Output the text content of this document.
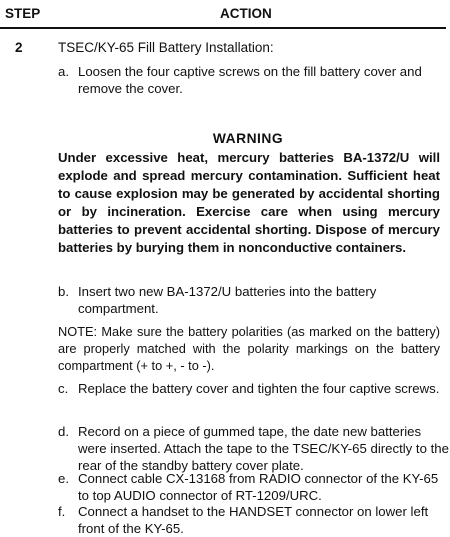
STEP	ACTION
2	TSEC/KY-65 Fill Battery Installation:
a. Loosen the four captive screws on the fill battery cover and remove the cover.
WARNING
Under excessive heat, mercury batteries BA-1372/U will explode and spread mercury contamination. Sufficient heat to cause explosion may be generated by accidental shorting or by incineration. Exercise care when using mercury batteries to prevent accidental shorting. Dispose of mercury batteries by burying them in nonconductive containers.
b. Insert two new BA-1372/U batteries into the battery compartment.
NOTE: Make sure the battery polarities (as marked on the battery) are properly matched with the polarity markings on the battery compartment (+ to +, - to -).
c. Replace the battery cover and tighten the four captive screws.
d. Record on a piece of gummed tape, the date new batteries were inserted. Attach the tape to the TSEC/KY-65 directly to the rear of the standby battery cover plate.
e. Connect cable CX-13168 from RADIO connector of the KY-65 to top AUDIO connector of RT-1209/URC.
f. Connect a handset to the HANDSET connector on lower left front of the KY-65.
